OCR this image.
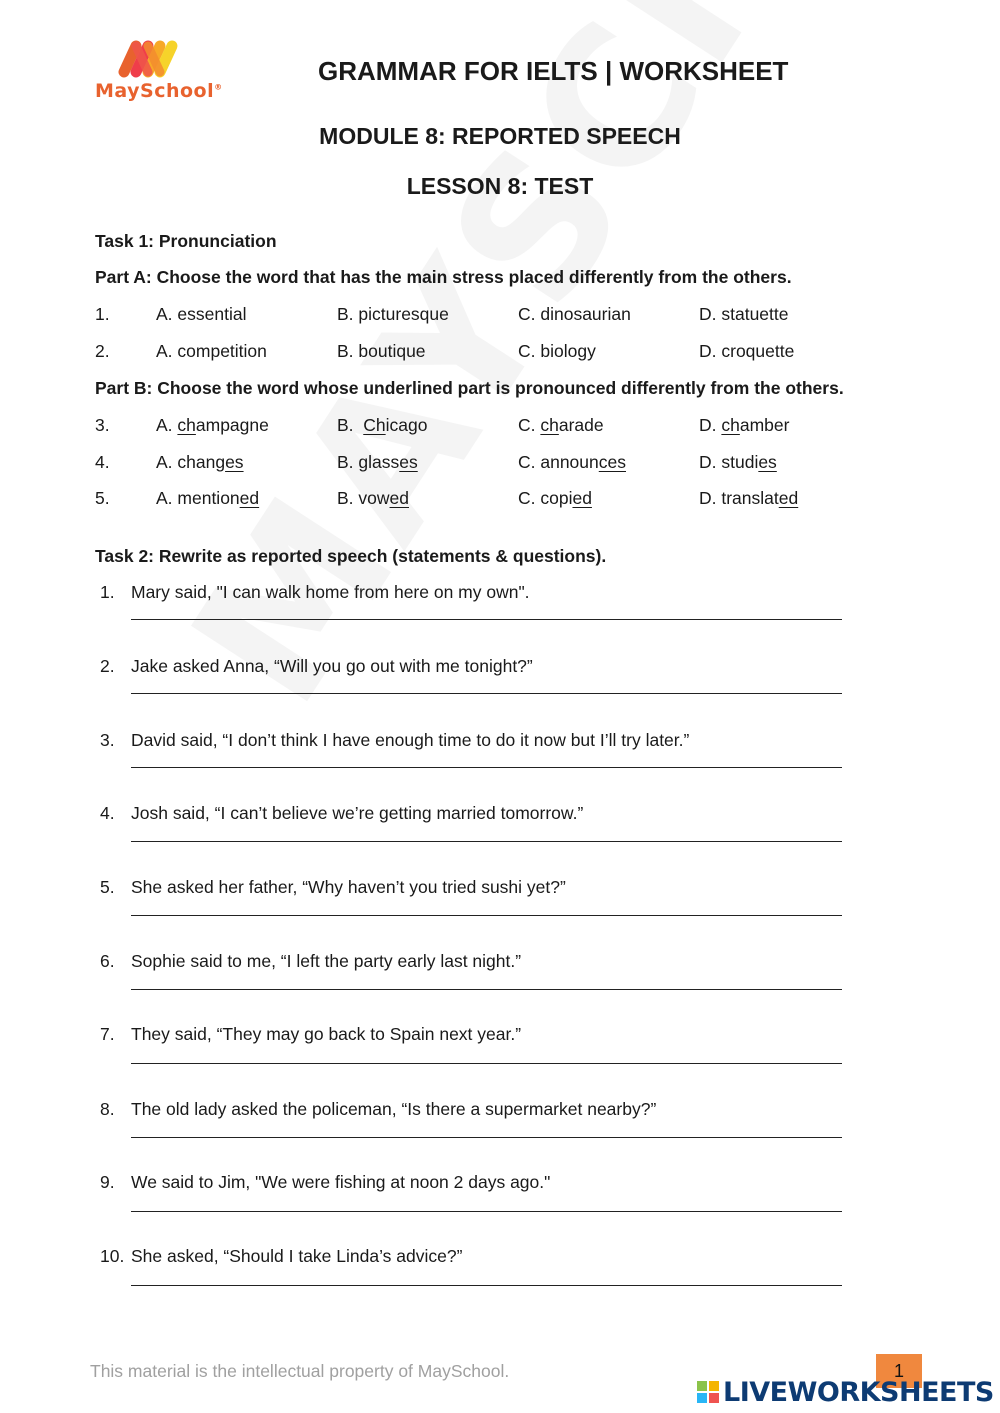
MaySchool®
GRAMMAR FOR IELTS | WORKSHEET
MODULE 8: REPORTED SPEECH
LESSON 8: TEST
Task 1: Pronunciation
Part A: Choose the word that has the main stress placed differently from the others.
1.	A. essential	B. picturesque	C. dinosaurian	D. statuette
2.	A. competition	B. boutique	C. biology	D. croquette
Part B: Choose the word whose underlined part is pronounced differently from the others.
3.	A. champagne	B.  Chicago	C. charade	D. chamber
4.	A. changes	B. glasses	C. announces	D. studies
5.	A. mentioned	B. vowed	C. copied	D. translated
Task 2: Rewrite as reported speech (statements & questions).
1. Mary said, "I can walk home from here on my own".
2. Jake asked Anna, “Will you go out with me tonight?”
3. David said, “I don’t think I have enough time to do it now but I’ll try later.”
4. Josh said, “I can’t believe we’re getting married tomorrow.”
5. She asked her father, “Why haven’t you tried sushi yet?”
6. Sophie said to me, “I left the party early last night.”
7. They said, “They may go back to Spain next year.”
8. The old lady asked the policeman, “Is there a supermarket nearby?”
9. We said to Jim, "We were fishing at noon 2 days ago."
10. She asked, “Should I take Linda’s advice?”
This material is the intellectual property of MaySchool.	1
LIVEWORKSHEETS
